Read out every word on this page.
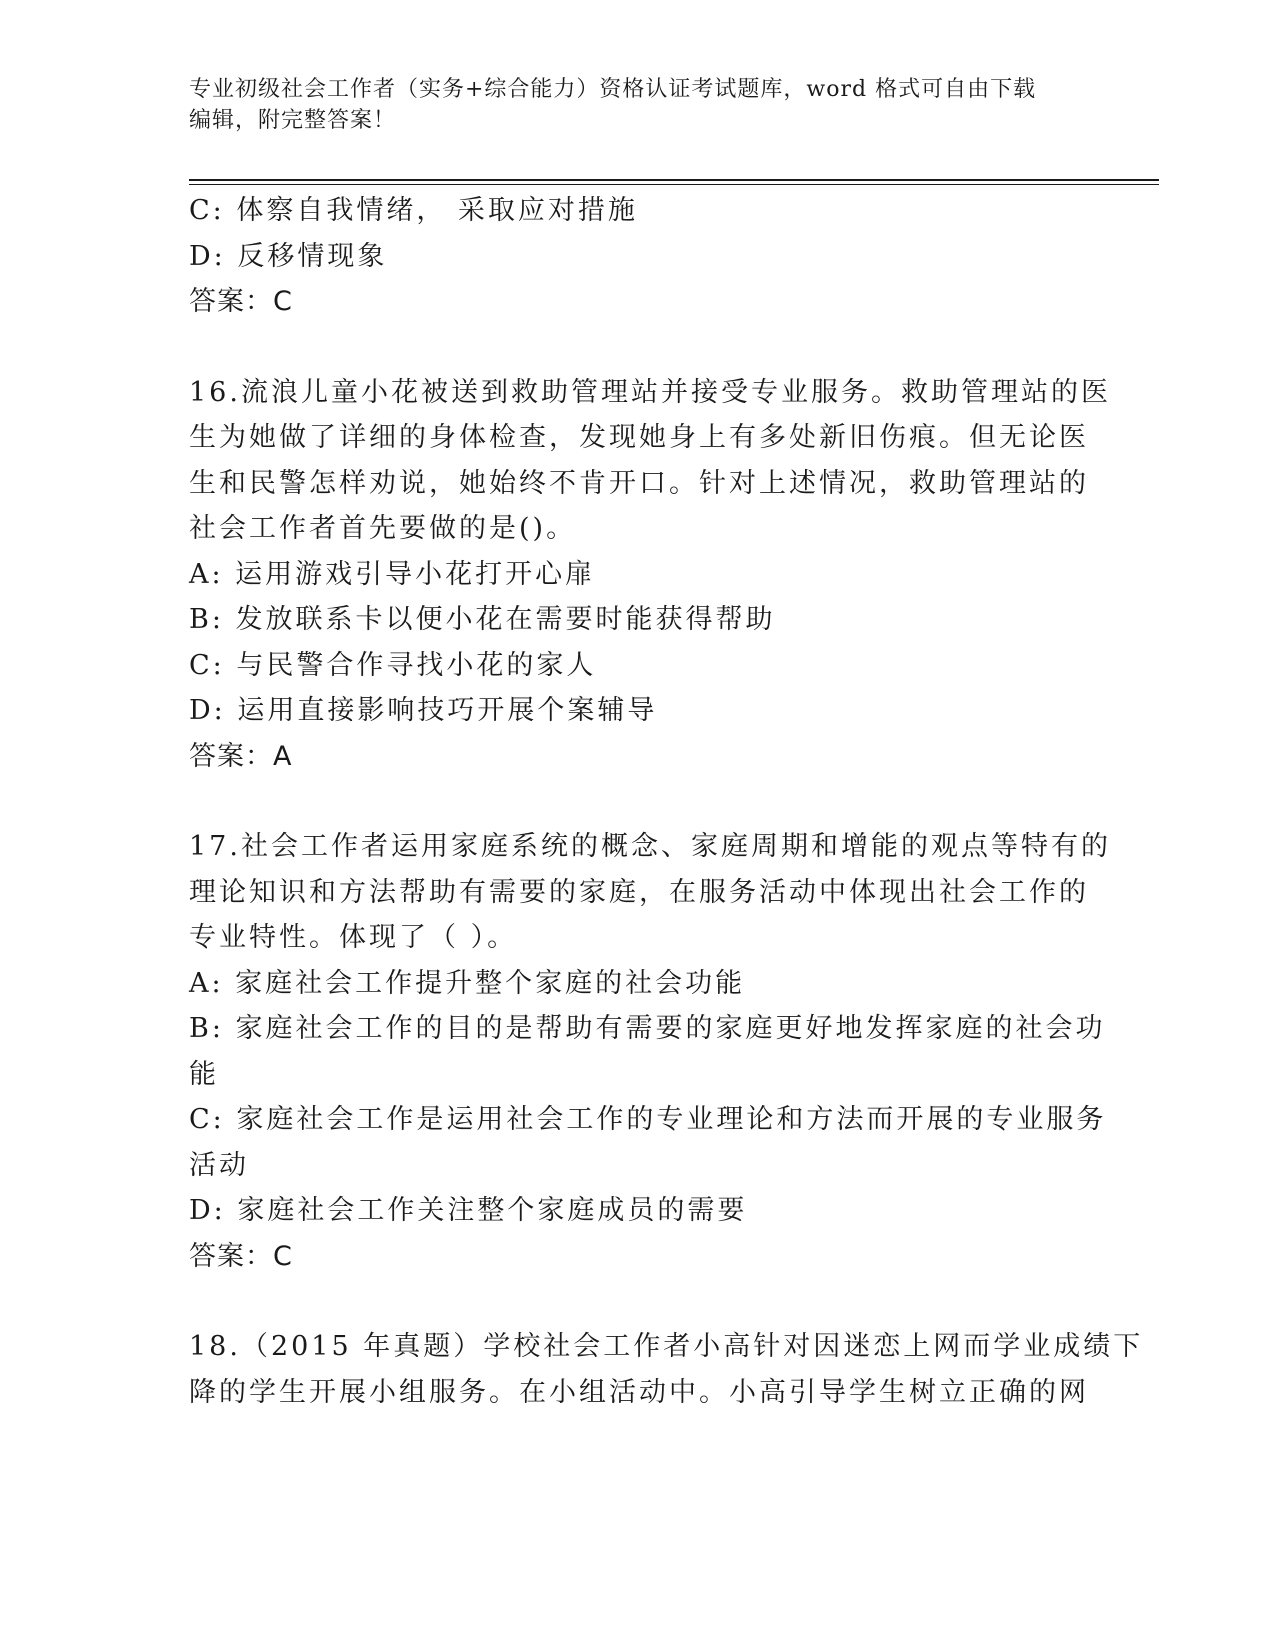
专业初级社会工作者（实务+综合能力）资格认证考试题库，word 格式可自由下载
编辑，附完整答案！
C: 体察自我情绪， 采取应对措施
D: 反移情现象
答案：C
16.流浪儿童小花被送到救助管理站并接受专业服务。救助管理站的医
生为她做了详细的身体检查，发现她身上有多处新旧伤痕。但无论医
生和民警怎样劝说，她始终不肯开口。针对上述情况，救助管理站的
社会工作者首先要做的是()。
A: 运用游戏引导小花打开心扉
B: 发放联系卡以便小花在需要时能获得帮助
C: 与民警合作寻找小花的家人
D: 运用直接影响技巧开展个案辅导
答案：A
17.社会工作者运用家庭系统的概念、家庭周期和增能的观点等特有的
理论知识和方法帮助有需要的家庭，在服务活动中体现出社会工作的
专业特性。体现了（ ）。
A: 家庭社会工作提升整个家庭的社会功能
B: 家庭社会工作的目的是帮助有需要的家庭更好地发挥家庭的社会功
能
C: 家庭社会工作是运用社会工作的专业理论和方法而开展的专业服务
活动
D: 家庭社会工作关注整个家庭成员的需要
答案：C
18.（2015 年真题）学校社会工作者小高针对因迷恋上网而学业成绩下
降的学生开展小组服务。在小组活动中。小高引导学生树立正确的网
